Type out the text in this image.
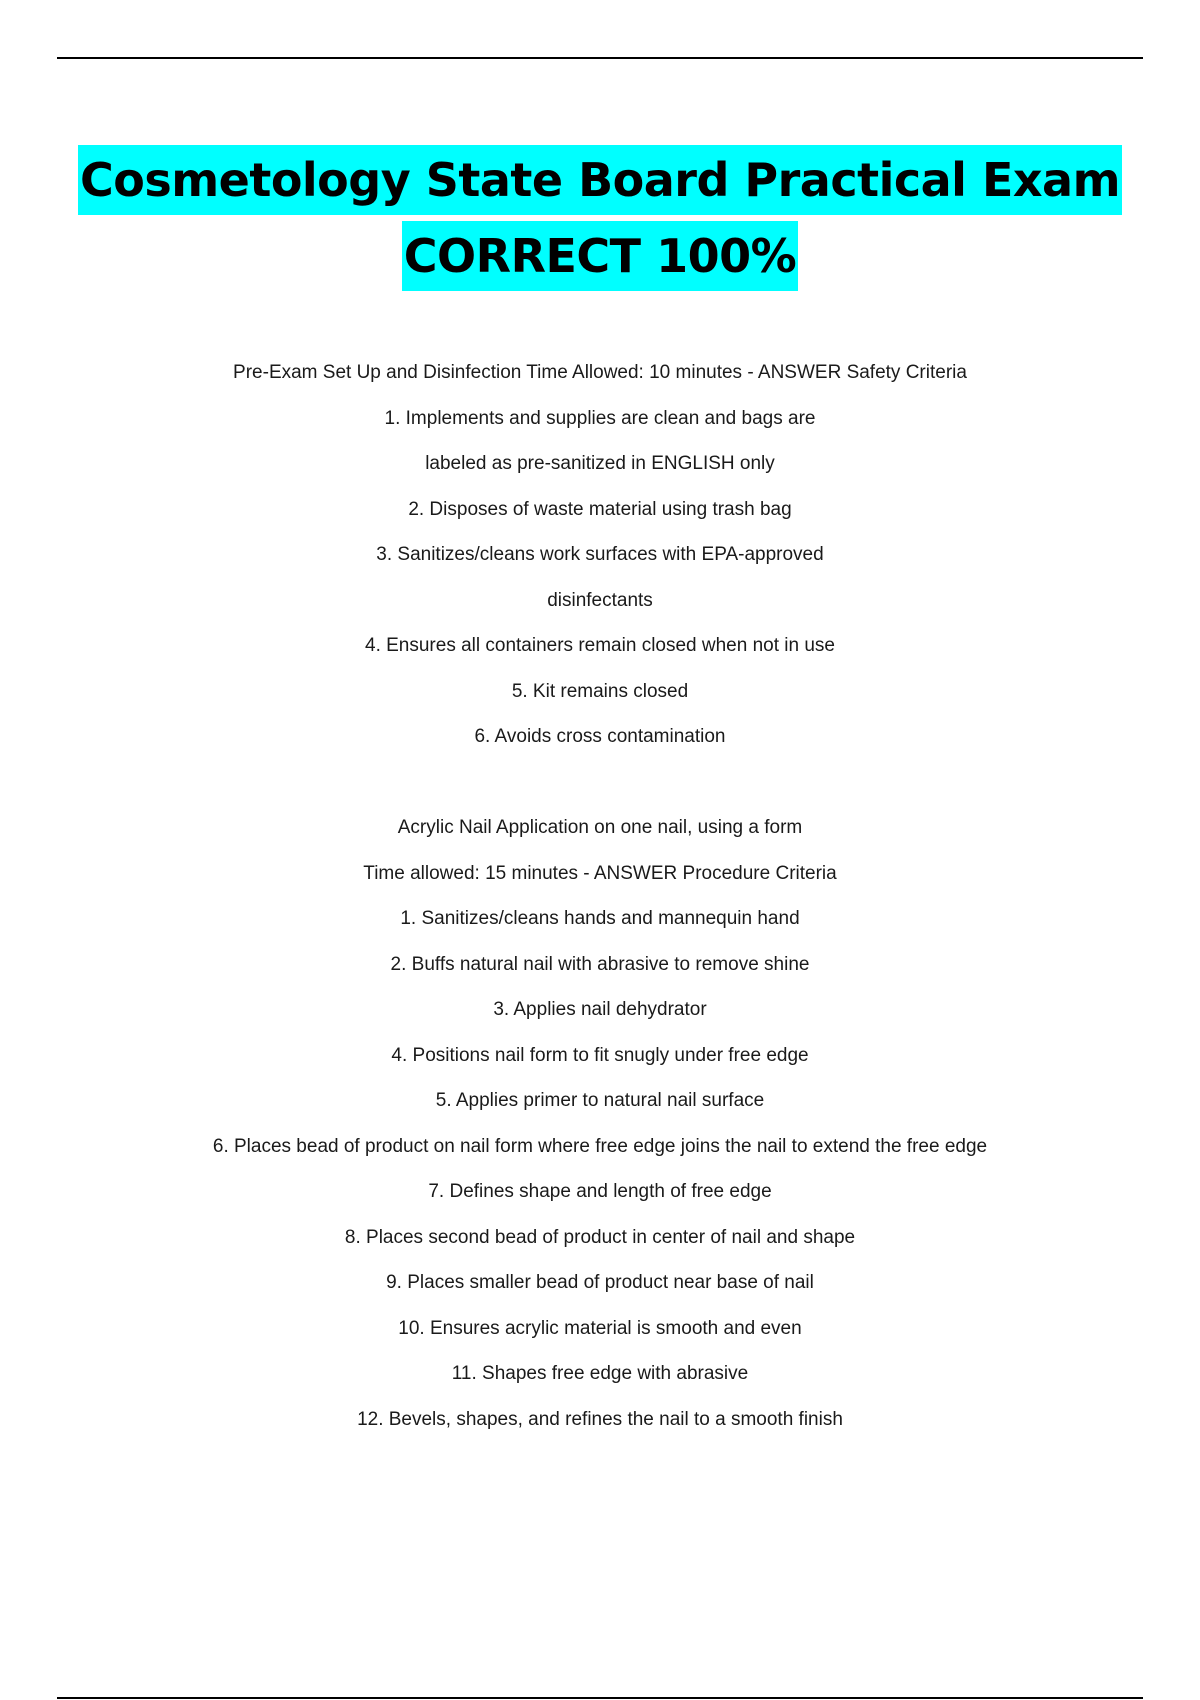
Cosmetology State Board Practical Exam
CORRECT 100%
Pre-Exam Set Up and Disinfection Time Allowed: 10 minutes - ANSWER Safety Criteria
1. Implements and supplies are clean and bags are
labeled as pre-sanitized in ENGLISH only
2. Disposes of waste material using trash bag
3. Sanitizes/cleans work surfaces with EPA-approved
disinfectants
4. Ensures all containers remain closed when not in use
5. Kit remains closed
6. Avoids cross contamination
Acrylic Nail Application on one nail, using a form
Time allowed: 15 minutes - ANSWER Procedure Criteria
1. Sanitizes/cleans hands and mannequin hand
2. Buffs natural nail with abrasive to remove shine
3. Applies nail dehydrator
4. Positions nail form to fit snugly under free edge
5. Applies primer to natural nail surface
6. Places bead of product on nail form where free edge joins the nail to extend the free edge
7. Defines shape and length of free edge
8. Places second bead of product in center of nail and shape
9. Places smaller bead of product near base of nail
10. Ensures acrylic material is smooth and even
11. Shapes free edge with abrasive
12. Bevels, shapes, and refines the nail to a smooth finish
